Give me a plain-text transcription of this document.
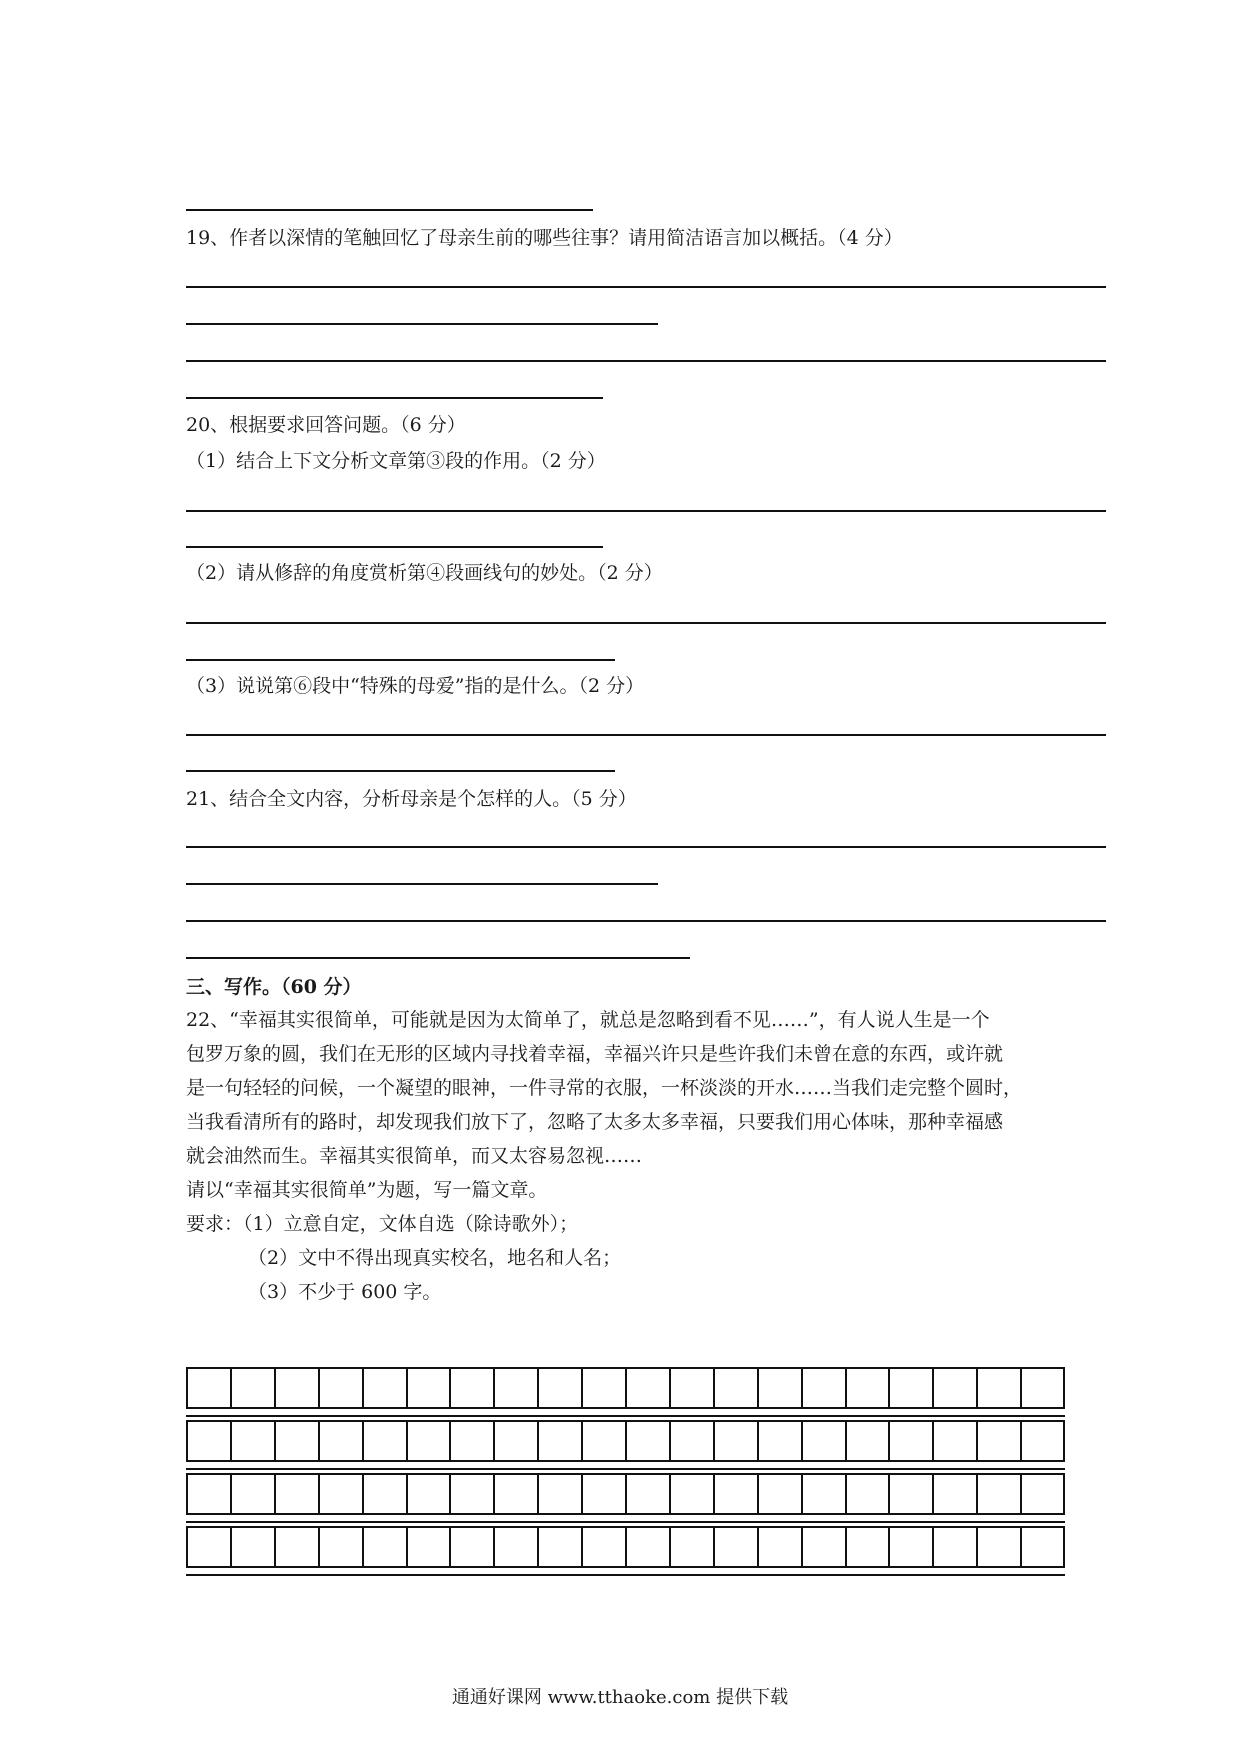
19、作者以深情的笔触回忆了母亲生前的哪些往事？请用简洁语言加以概括。（4 分）
20、根据要求回答问题。（6 分）
（1）结合上下文分析文章第③段的作用。（2 分）
（2）请从修辞的角度赏析第④段画线句的妙处。（2 分）
（3）说说第⑥段中“特殊的母爱”指的是什么。（2 分）
21、结合全文内容，分析母亲是个怎样的人。（5 分）
三、写作。（60 分）

22、“幸福其实很简单，可能就是因为太简单了，就总是忽略到看不见……”，有人说人生是一个

包罗万象的圆，我们在无形的区域内寻找着幸福，幸福兴许只是些许我们未曾在意的东西，或许就

是一句轻轻的问候，一个凝望的眼神，一件寻常的衣服，一杯淡淡的开水……当我们走完整个圆时，

当我看清所有的路时，却发现我们放下了，忽略了太多太多幸福，只要我们用心体味，那种幸福感

就会油然而生。幸福其实很简单，而又太容易忽视……

请以“幸福其实很简单”为题，写一篇文章。

要求：（1）立意自定，文体自选（除诗歌外）；

（2）文中不得出现真实校名，地名和人名；

（3）不少于 600 字。

通通好课网 www.tthaoke.com 提供下载
